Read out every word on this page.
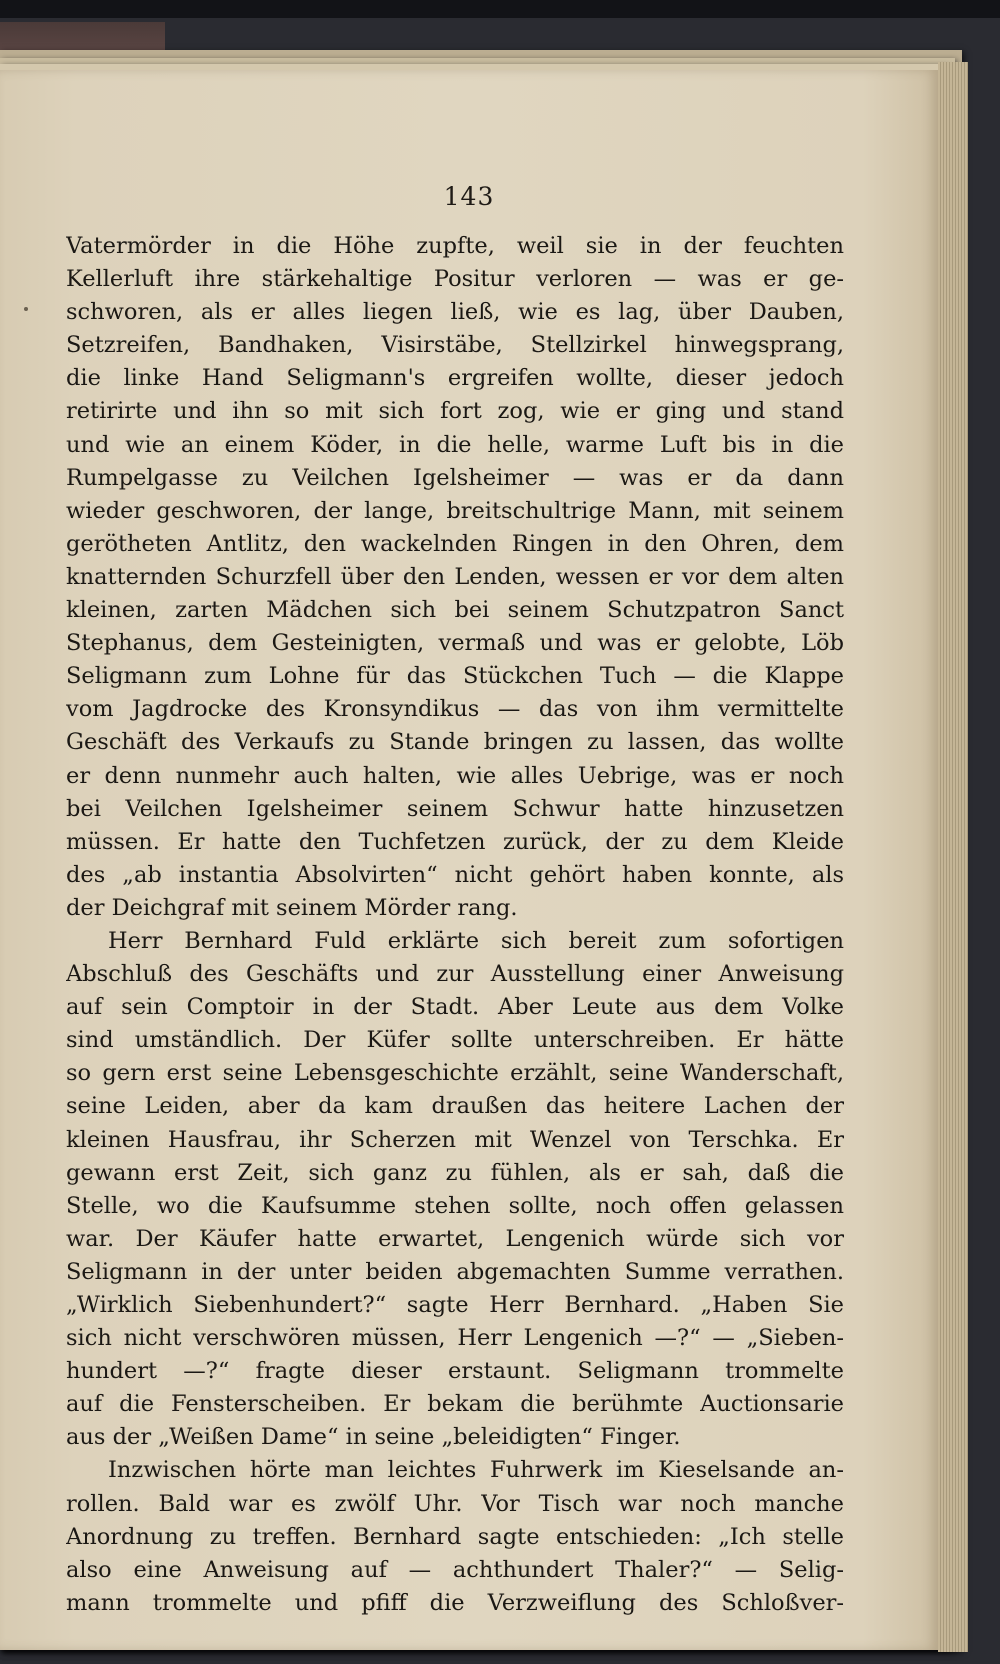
143
Vatermörder in die Höhe zupfte, weil sie in der feuchten
Kellerluft ihre stärkehaltige Positur verloren — was er ge-
schworen, als er alles liegen ließ, wie es lag, über Dauben,
Setzreifen, Bandhaken, Visirstäbe, Stellzirkel hinwegsprang,
die linke Hand Seligmann's ergreifen wollte, dieser jedoch
retirirte und ihn so mit sich fort zog, wie er ging und stand
und wie an einem Köder, in die helle, warme Luft bis in die
Rumpelgasse zu Veilchen Igelsheimer — was er da dann
wieder geschworen, der lange, breitschultrige Mann, mit seinem
gerötheten Antlitz, den wackelnden Ringen in den Ohren, dem
knatternden Schurzfell über den Lenden, wessen er vor dem alten
kleinen, zarten Mädchen sich bei seinem Schutzpatron Sanct
Stephanus, dem Gesteinigten, vermaß und was er gelobte, Löb
Seligmann zum Lohne für das Stückchen Tuch — die Klappe
vom Jagdrocke des Kronsyndikus — das von ihm vermittelte
Geschäft des Verkaufs zu Stande bringen zu lassen, das wollte
er denn nunmehr auch halten, wie alles Uebrige, was er noch
bei Veilchen Igelsheimer seinem Schwur hatte hinzusetzen
müssen. Er hatte den Tuchfetzen zurück, der zu dem Kleide
des „ab instantia Absolvirten“ nicht gehört haben konnte, als
der Deichgraf mit seinem Mörder rang.
Herr Bernhard Fuld erklärte sich bereit zum sofortigen
Abschluß des Geschäfts und zur Ausstellung einer Anweisung
auf sein Comptoir in der Stadt. Aber Leute aus dem Volke
sind umständlich. Der Küfer sollte unterschreiben. Er hätte
so gern erst seine Lebensgeschichte erzählt, seine Wanderschaft,
seine Leiden, aber da kam draußen das heitere Lachen der
kleinen Hausfrau, ihr Scherzen mit Wenzel von Terschka. Er
gewann erst Zeit, sich ganz zu fühlen, als er sah, daß die
Stelle, wo die Kaufsumme stehen sollte, noch offen gelassen
war. Der Käufer hatte erwartet, Lengenich würde sich vor
Seligmann in der unter beiden abgemachten Summe verrathen.
„Wirklich Siebenhundert?“ sagte Herr Bernhard. „Haben Sie
sich nicht verschwören müssen, Herr Lengenich —?“ — „Sieben-
hundert —?“ fragte dieser erstaunt. Seligmann trommelte
auf die Fensterscheiben. Er bekam die berühmte Auctionsarie
aus der „Weißen Dame“ in seine „beleidigten“ Finger.
Inzwischen hörte man leichtes Fuhrwerk im Kieselsande an-
rollen. Bald war es zwölf Uhr. Vor Tisch war noch manche
Anordnung zu treffen. Bernhard sagte entschieden: „Ich stelle
also eine Anweisung auf — achthundert Thaler?“ — Selig-
mann trommelte und pfiff die Verzweiflung des Schloßver-
